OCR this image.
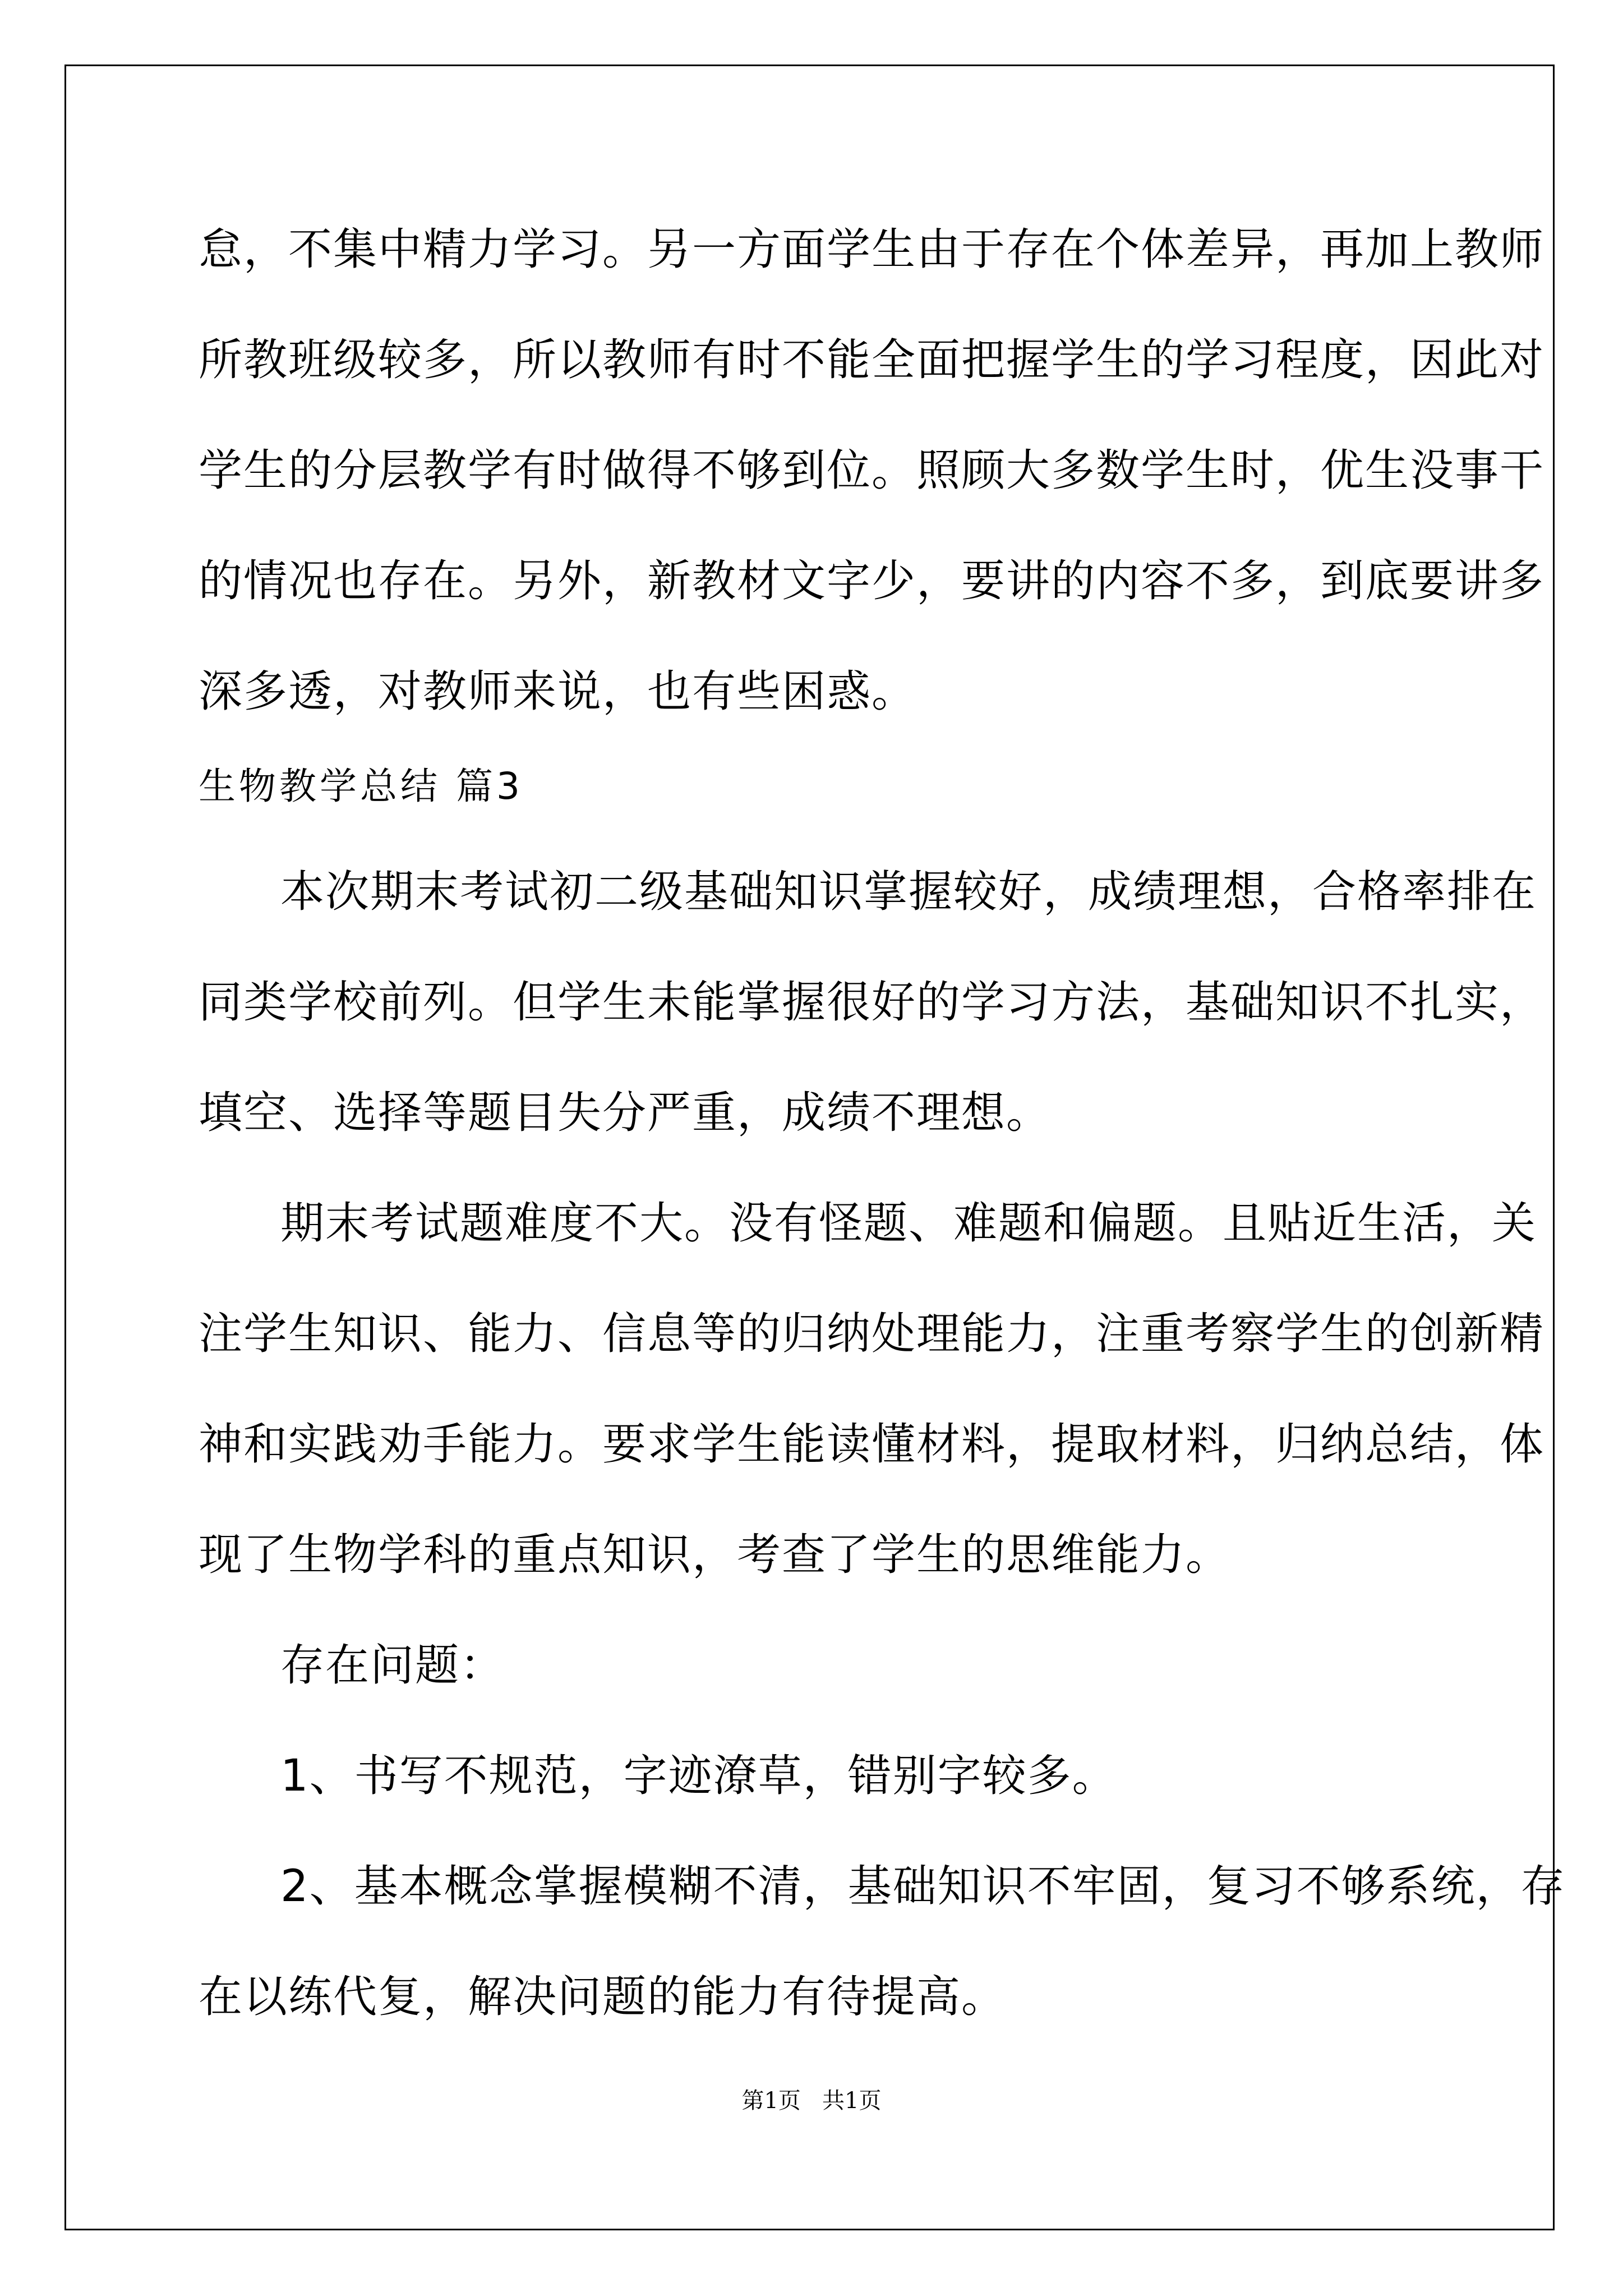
怠，不集中精力学习。另一方面学生由于存在个体差异，再加上教师
所教班级较多，所以教师有时不能全面把握学生的学习程度，因此对
学生的分层教学有时做得不够到位。照顾大多数学生时，优生没事干
的情况也存在。另外，新教材文字少，要讲的内容不多，到底要讲多
深多透，对教师来说，也有些困惑。
生物教学总结 篇3
本次期末考试初二级基础知识掌握较好，成绩理想，合格率排在
同类学校前列。但学生未能掌握很好的学习方法，基础知识不扎实，
填空、选择等题目失分严重，成绩不理想。
期末考试题难度不大。没有怪题、难题和偏题。且贴近生活，关
注学生知识、能力、信息等的归纳处理能力，注重考察学生的创新精
神和实践劝手能力。要求学生能读懂材料，提取材料，归纳总结，体
现了生物学科的重点知识，考查了学生的思维能力。
存在问题：
1、书写不规范，字迹潦草，错别字较多。
2、基本概念掌握模糊不清，基础知识不牢固，复习不够系统，存
在以练代复，解决问题的能力有待提高。
第1页   共1页
